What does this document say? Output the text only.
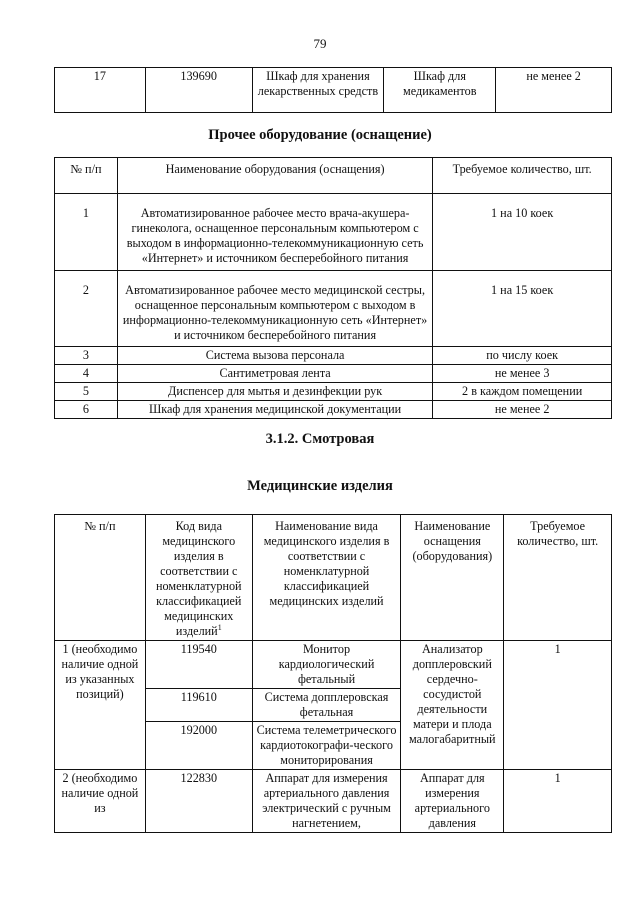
79
17	139690	Шкаф для хранения лекарственных средств	Шкаф для медикаментов	не менее 2
Прочее оборудование (оснащение)
№ п/п	Наименование оборудования (оснащения)	Требуемое количество, шт.
1	Автоматизированное рабочее место врача-акушера-гинеколога, оснащенное персональным компьютером с выходом в информационно-телекоммуникационную сеть «Интернет» и источником бесперебойного питания	1 на 10 коек
2	Автоматизированное рабочее место медицинской сестры, оснащенное персональным компьютером с выходом в информационно-телекоммуникационную сеть «Интернет» и источником бесперебойного питания	1 на 15 коек
3	Система вызова персонала	по числу коек
4	Сантиметровая лента	не менее 3
5	Диспенсер для мытья и дезинфекции рук	2 в каждом помещении
6	Шкаф для хранения медицинской документации	не менее 2
3.1.2. Смотровая
Медицинские изделия
№ п/п	Код вида медицинского изделия в соответствии с номенклатурной классификацией медицинских изделий$^1$	Наименование вида медицинского изделия в соответствии с номенклатурной классификацией медицинских изделий	Наименование оснащения (оборудования)	Требуемое количество, шт.
1 (необходимо наличие одной из указанных позиций)	119540	Монитор кардиологический фетальный	Анализатор допплеровский сердечно-сосудистой деятельности матери и плода малогабаритный	1
	119610	Система допплеровская фетальная		
	192000	Система телеметрического кардиотокографи-ческого мониторирования		
2 (необходимо наличие одной из	122830	Аппарат для измерения артериального давления электрический с ручным нагнетением,	Аппарат для измерения артериального давления	1
